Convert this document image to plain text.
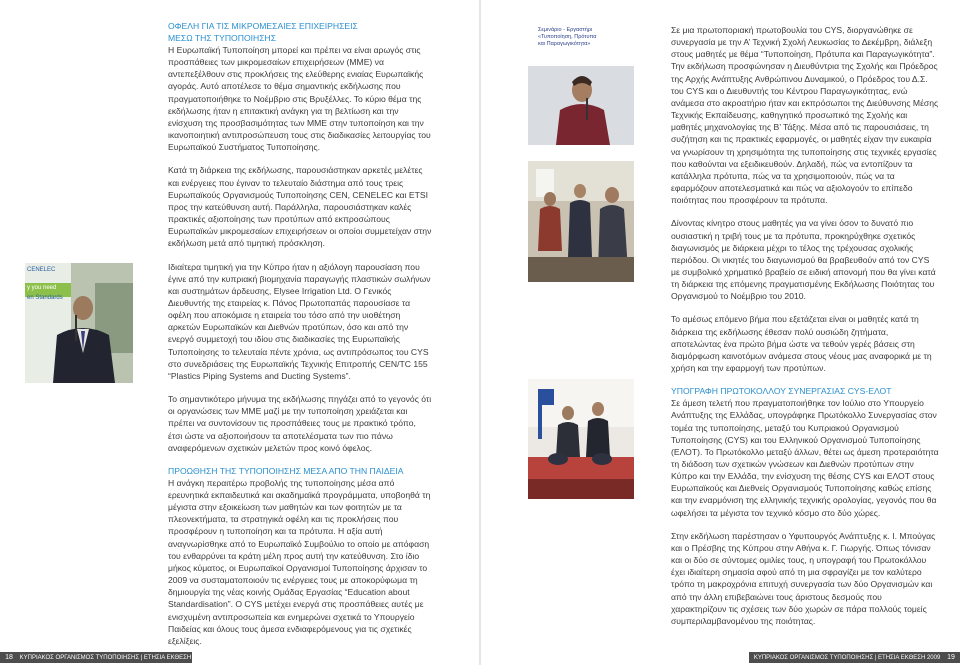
CENELEC
y you need
en Standards

ΟΦΕΛΗ ΓΙΑ ΤΙΣ ΜΙΚΡΟΜΕΣΑΙΕΣ ΕΠΙΧΕΙΡΗΣΕΙΣ
ΜΕΣΩ ΤΗΣ ΤΥΠΟΠΟΙΗΣΗΣ

Η Ευρωπαϊκή Τυποποίηση μπορεί και πρέπει να είναι αρωγός στις προσπάθειες των μικρομεσαίων επιχειρήσεων (ΜΜΕ) να αντεπεξέλθουν στις προκλήσεις της ελεύθερης ενιαίας Ευρωπαϊκής αγοράς. Αυτό αποτέλεσε το θέμα σημαντικής εκδήλωσης που πραγματοποιήθηκε το Νοέμβριο στις Βρυξέλλες. Το κύριο θέμα της εκδήλωσης ήταν η επιτακτική ανάγκη για τη βελτίωση και την ενίσχυση της προσβασιμότητας των ΜΜΕ στην τυποποίηση και την ικανοποιητική αντιπροσώπευση τους στις διαδικασίες λειτουργίας του Ευρωπαϊκού Συστήματος Τυποποίησης.

Κατά τη διάρκεια της εκδήλωσης, παρουσιάστηκαν αρκετές μελέτες και ενέργειες που έγιναν το τελευταίο διάστημα από τους τρεις Ευρωπαϊκούς Οργανισμούς Τυποποίησης CEN, CENELEC και ETSI προς την κατεύθυνση αυτή. Παράλληλα, παρουσιάστηκαν καλές πρακτικές αξιοποίησης των προτύπων από εκπροσώπους Ευρωπαϊκών μικρομεσαίων επιχειρήσεων οι οποίοι συμμετείχαν στην εκδήλωση μετά από τιμητική πρόσκληση.

Ιδιαίτερα τιμητική για την Κύπρο ήταν η αξιόλογη παρουσίαση που έγινε από την κυπριακή βιομηχανία παραγωγής πλαστικών σωλήνων και συστημάτων άρδευσης, Elysee Irrigation Ltd. Ο Γενικός Διευθυντής της εταιρείας κ. Πάνος Πρωτοπαπάς παρουσίασε τα οφέλη που αποκόμισε η εταιρεία του τόσο από την υιοθέτηση αρκετών Ευρωπαϊκών και Διεθνών προτύπων, όσο και από την ενεργό συμμετοχή του ιδίου στις διαδικασίες της Ευρωπαϊκής Τυποποίησης το τελευταία πέντε χρόνια, ως αντιπρόσωπος του CYS στο συνεδριάσεις της Ευρωπαϊκής Τεχνικής Επιτροπής CEN/TC 155 “Plastics Piping Systems and Ducting Systems”.

Το σημαντικότερο μήνυμα της εκδήλωσης πηγάζει από το γεγονός ότι οι οργανώσεις των ΜΜΕ μαζί με την τυποποίηση χρειάζεται και πρέπει να συντονίσουν τις προσπάθειες τους με πρακτικό τρόπο, έτσι ώστε να αξιοποιήσουν τα αποτελέσματα των πιο πάνω αναφερόμενων σχετικών μελετών προς κοινό όφελος.

ΠΡΟΩΘΗΣΗ ΤΗΣ ΤΥΠΟΠΟΙΗΣΗΣ ΜΕΣΑ ΑΠΟ ΤΗΝ ΠΑΙΔΕΙΑ

Η ανάγκη περαιτέρω προβολής της τυποποίησης μέσα από ερευνητικά εκπαιδευτικά και ακαδημαϊκά προγράμματα, υποβοηθά τη μέγιστα στην εξοικείωση των μαθητών και των φοιτητών με τα πλεονεκτήματα, τα στρατηγικά οφέλη και τις προκλήσεις που προσφέρουν η τυποποίηση και τα πρότυπα. Η αξία αυτή αναγνωρίσθηκε από το Ευρωπαϊκό Συμβούλιο το οποίο με απόφαση του ενθαρρύνει τα κράτη μέλη προς αυτή την κατεύθυνση. Στο ίδιο μήκος κύματος, οι Ευρωπαϊκοί Οργανισμοί Τυποποίησης άρχισαν το 2009 να συσταματοποιούν τις ενέργειες τους με αποκορύφωμα τη δημιουργία της νέας κοινής Ομάδας Εργασίας “Education about Standardisation”. Ο CYS μετέχει ενεργά στις προσπάθειες αυτές με ενισχυμένη αντιπροσωπεία και ενημερώνει σχετικά το Υπουργείο Παιδείας και όλους τους άμεσα ενδιαφερόμενους για τις σχετικές εξελίξεις.

18 ΚΥΠΡΙΑΚΟΣ ΟΡΓΑΝΙΣΜΟΣ ΤΥΠΟΠΟΙΗΣΗΣ | ΕΤΗΣΙΑ ΕΚΘΕΣΗ 2009
Σεμινάριο - Εργαστήρι
«Τυποποίηση, Πρότυπα
και Παραγωγικότητα»

Σε μια πρωτοποριακή πρωτοβουλία του CYS, διοργανώθηκε σε συνεργασία με την Α’ Τεχνική Σχολή Λευκωσίας το Δεκέμβρη, διάλεξη στους μαθητές με θέμα “Τυποποίηση, Πρότυπα και Παραγωγικότητα”. Την εκδήλωση προσφώνησαν η Διευθύντρια της Σχολής και Πρόεδρος της Αρχής Ανάπτυξης Ανθρώπινου Δυναμικού, ο Πρόεδρος του Δ.Σ. του CYS και ο Διευθυντής του Κέντρου Παραγωγικότητας, ενώ ανάμεσα στο ακροατήριο ήταν και εκπρόσωποι της Διεύθυνσης Μέσης Τεχνικής Εκπαίδευσης, καθηγητικό προσωπικό της Σχολής και μαθητές μηχανολογίας της Β’ Τάξης. Μέσα από τις παρουσιάσεις, τη συζήτηση και τις πρακτικές εφαρμογές, οι μαθητές είχαν την ευκαιρία να γνωρίσουν τη χρησιμότητα της τυποποίησης στις τεχνικές εργασίες που καθούνται να εξειδικευθούν. Δηλαδή, πώς να εντοπίζουν τα κατάλληλα πρότυπα, πώς να τα χρησιμοποιούν, πώς να τα εφαρμόζουν αποτελεσματικά και πώς να αξιολογούν το επίπεδο ποιότητας που προσφέρουν τα πρότυπα.

Δίνοντας κίνητρο στους μαθητές για να γίνει όσον το δυνατό πιο ουσιαστική η τριβή τους με τα πρότυπα, προκηρύχθηκε σχετικός διαγωνισμός με διάρκεια μέχρι το τέλος της τρέχουσας σχολικής περιόδου. Οι νικητές του διαγωνισμού θα βραβευθούν από τον CYS με συμβολικό χρηματικό βραβείο σε ειδική απονομή που θα γίνει κατά τη διάρκεια της επόμενης πραγματισμένης Εκδήλωσης Ποιότητας του Οργανισμού το Νοέμβριο του 2010.

Το αμέσως επόμενο βήμα που εξετάζεται είναι οι μαθητές κατά τη διάρκεια της εκδήλωσης έθεσαν πολύ ουσιώδη ζητήματα, αποτελώντας ένα πρώτο βήμα ώστε να τεθούν γερές βάσεις στη διαμόρφωση καινοτόμων ανάμεσα στους νέους μας αναφορικά με τη χρήση και την εφαρμογή των προτύπων.

ΥΠΟΓΡΑΦΗ ΠΡΩΤΟΚΟΛΛΟΥ ΣΥΝΕΡΓΑΣΙΑΣ CYS-ΕΛΟΤ

Σε άμεση τελετή που πραγματοποιήθηκε τον Ιούλιο στο Υπουργείο Ανάπτυξης της Ελλάδας, υπογράφηκε Πρωτόκολλο Συνεργασίας στον τομέα της τυποποίησης, μεταξύ του Κυπριακού Οργανισμού Τυποποίησης (CYS) και του Ελληνικού Οργανισμού Τυποποίησης (ΕΛΟΤ). Το Πρωτόκολλο μεταξύ άλλων, θέτει ως άμεση προτεραιότητα τη διάδοση των σχετικών γνώσεων και Διεθνών προτύπων στην Κύπρο και την Ελλάδα, την ενίσχυση της θέσης CYS και ΕΛΟΤ στους Ευρωπαϊκούς και Διεθνείς Οργανισμούς Τυποποίησης καθώς επίσης και την εναρμόνιση της ελληνικής τεχνικής ορολογίας, γεγονός που θα ωφελήσει τα μέγιστα τον τεχνικό κόσμο στο δύο χώρες.

Στην εκδήλωση παρέστησαν ο Υφυπουργός Ανάπτυξης κ. Ι. Μπούγας και ο Πρέσβης της Κύπρου στην Αθήνα κ. Γ. Γιωργής. Όπως τόνισαν και οι δύο σε σύντομες ομιλίες τους, η υπογραφή του Πρωτοκόλλου έχει ιδιαίτερη σημασία αφού από τη μια σφραγίζει με τον καλύτερο τρόπο τη μακροχρόνια επιτυχή συνεργασία των δύο Οργανισμών και από την άλλη επιβεβαιώνει τους άριστους δεσμούς που χαρακτηρίζουν τις σχέσεις των δύο χωρών σε πάρα πολλούς τομείς συμπεριλαμβανομένου της ποιότητας.

ΚΥΠΡΙΑΚΟΣ ΟΡΓΑΝΙΣΜΟΣ ΤΥΠΟΠΟΙΗΣΗΣ | ΕΤΗΣΙΑ ΕΚΘΕΣΗ 2009 19
